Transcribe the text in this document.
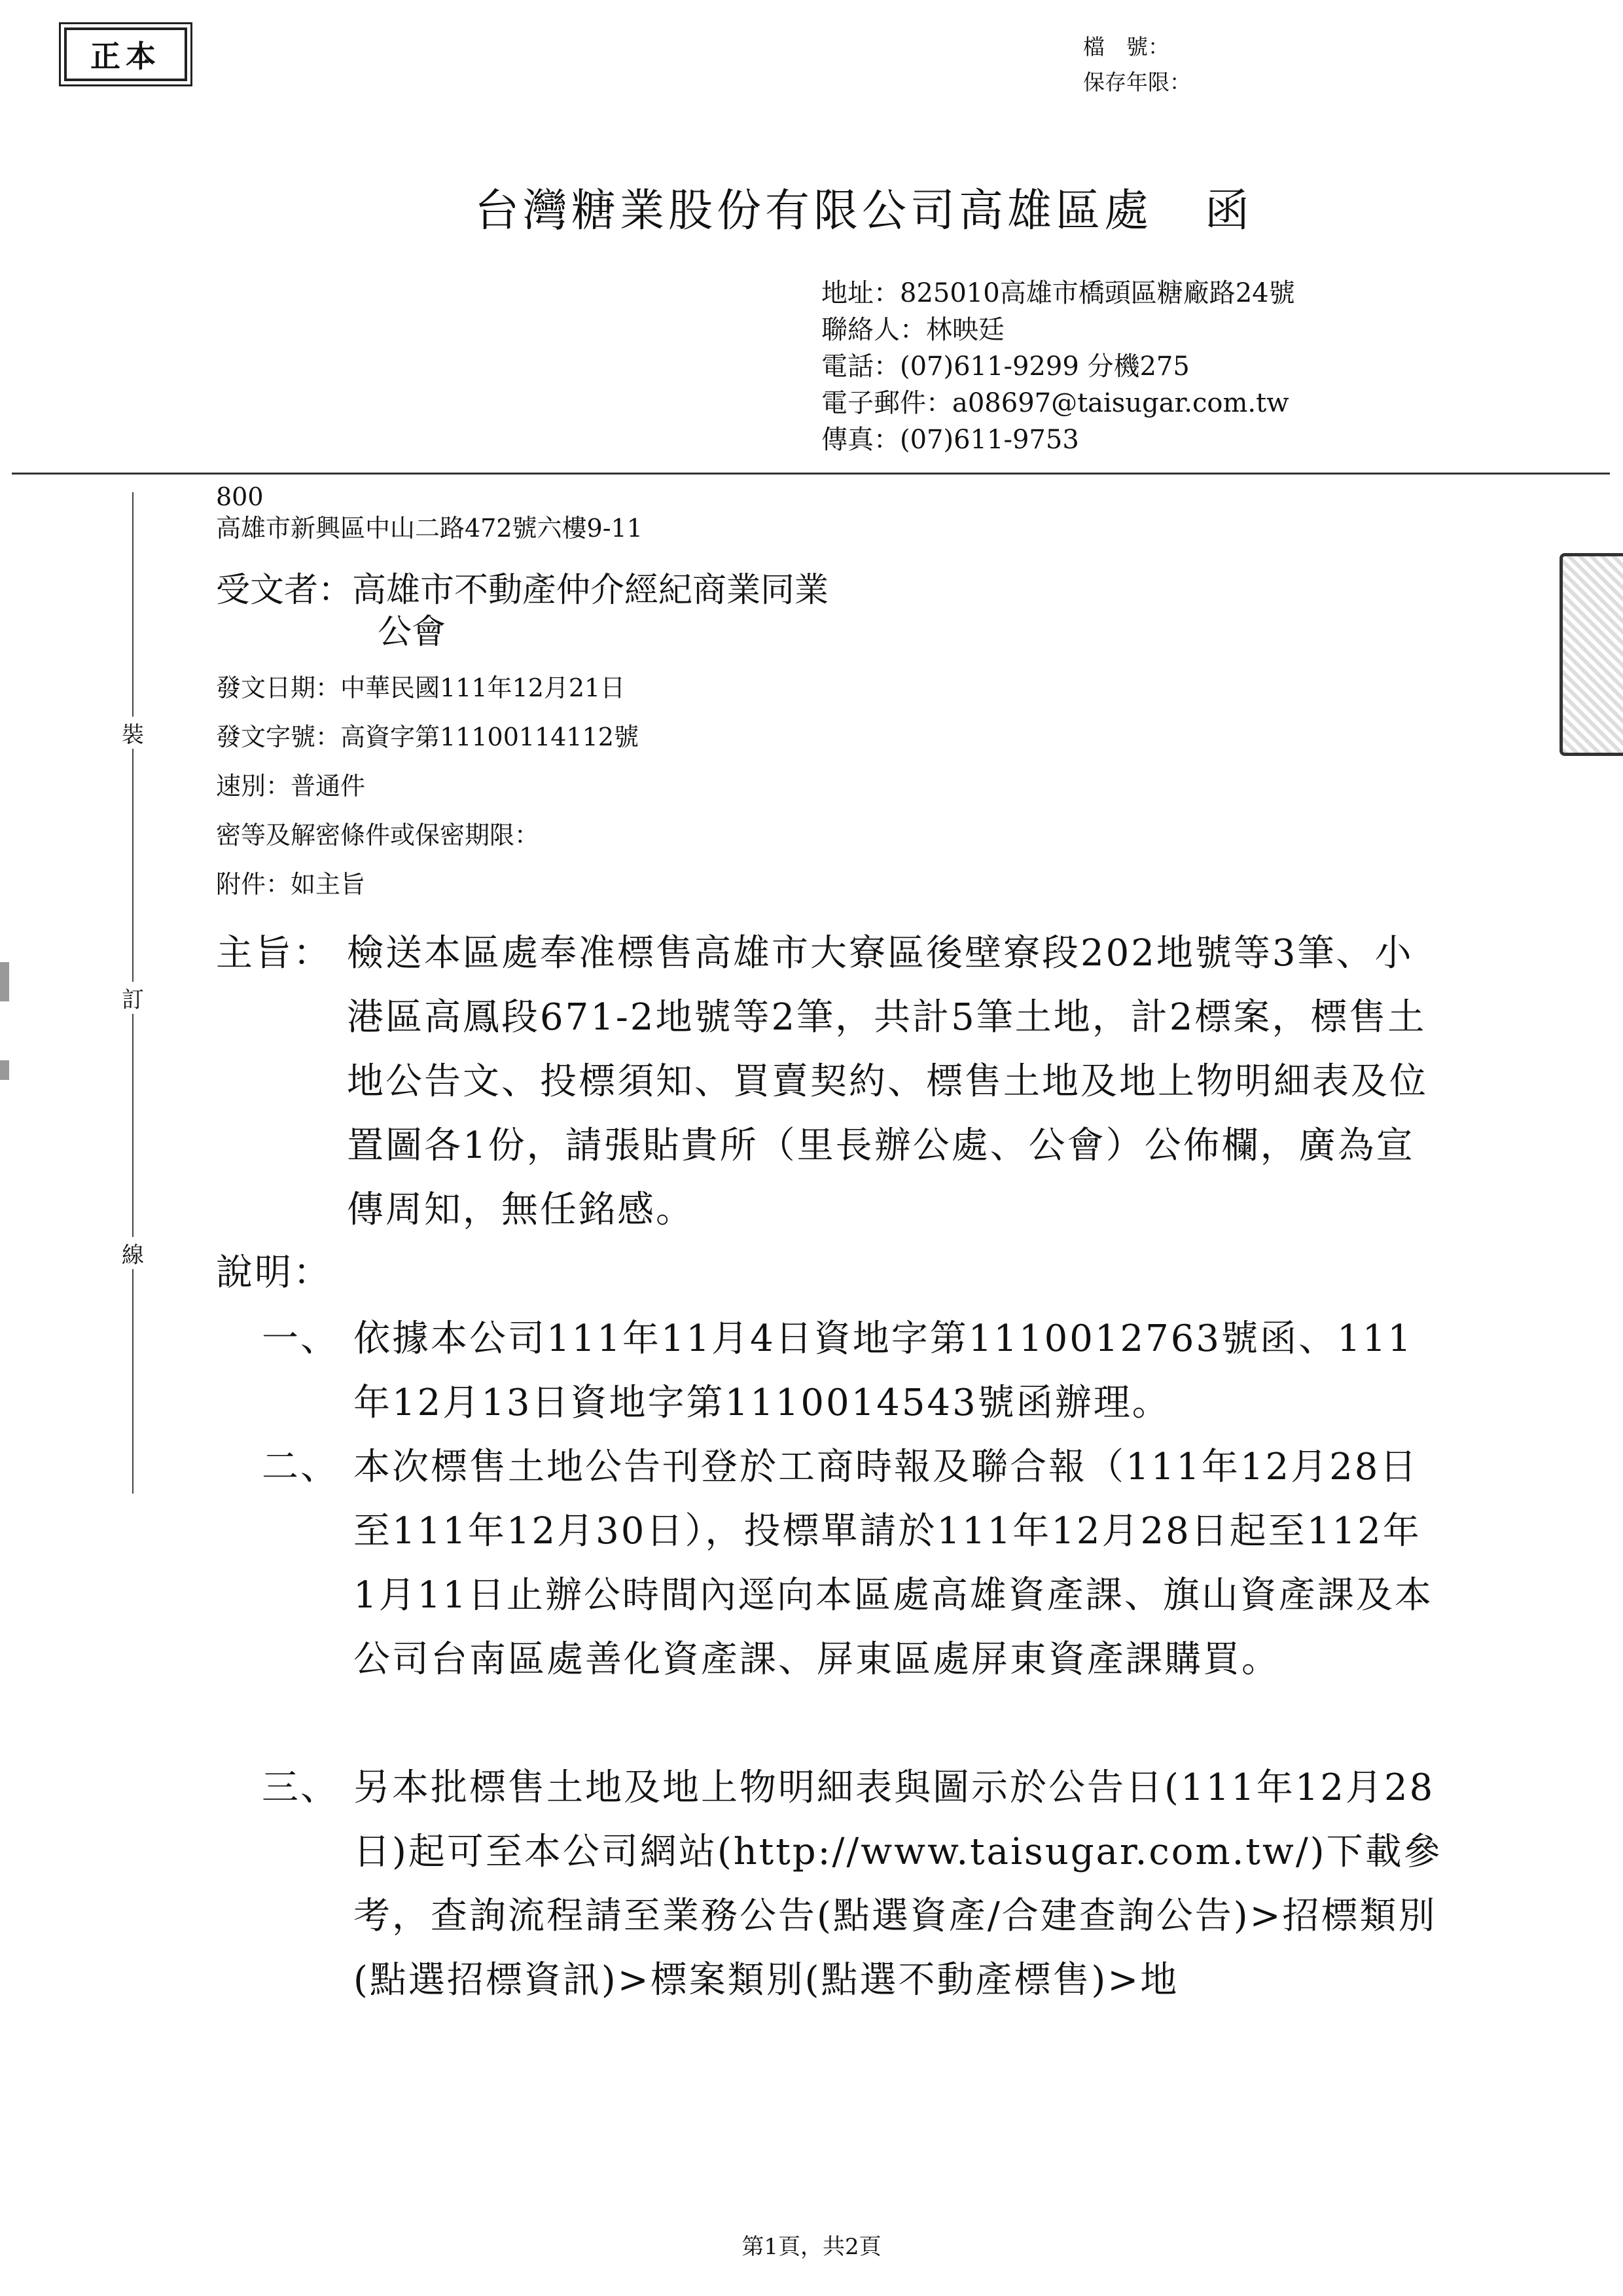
正本	檔　號：
保存年限：
台灣糖業股份有限公司高雄區處 函
地址：825010高雄市橋頭區糖廠路24號
聯絡人：林映廷
電話：(07)611-9299 分機275
電子郵件：a08697@taisugar.com.tw
傳真：(07)611-9753
裝
訂
線
800
高雄市新興區中山二路472號六樓9-11
受文者：高雄市不動產仲介經紀商業同業
公會
發文日期：中華民國111年12月21日
發文字號：高資字第11100114112號
速別：普通件
密等及解密條件或保密期限：
附件：如主旨
主旨： 檢送本區處奉准標售高雄市大寮區後壁寮段202地號等3筆、小港區高鳳段671-2地號等2筆，共計5筆土地，計2標案，標售土地公告文、投標須知、買賣契約、標售土地及地上物明細表及位置圖各1份，請張貼貴所（里長辦公處、公會）公佈欄，廣為宣傳周知，無任銘感。
說明：
一、 依據本公司111年11月4日資地字第1110012763號函、111年12月13日資地字第1110014543號函辦理。
二、 本次標售土地公告刊登於工商時報及聯合報（111年12月28日至111年12月30日），投標單請於111年12月28日起至112年1月11日止辦公時間內逕向本區處高雄資產課、旗山資產課及本公司台南區處善化資產課、屏東區處屏東資產課購買。
三、 另本批標售土地及地上物明細表與圖示於公告日(111年12月28日)起可至本公司網站(http://www.taisugar.com.tw/)下載參考，查詢流程請至業務公告(點選資產/合建查詢公告)>招標類別(點選招標資訊)>標案類別(點選不動產標售)>地
第1頁，共2頁
